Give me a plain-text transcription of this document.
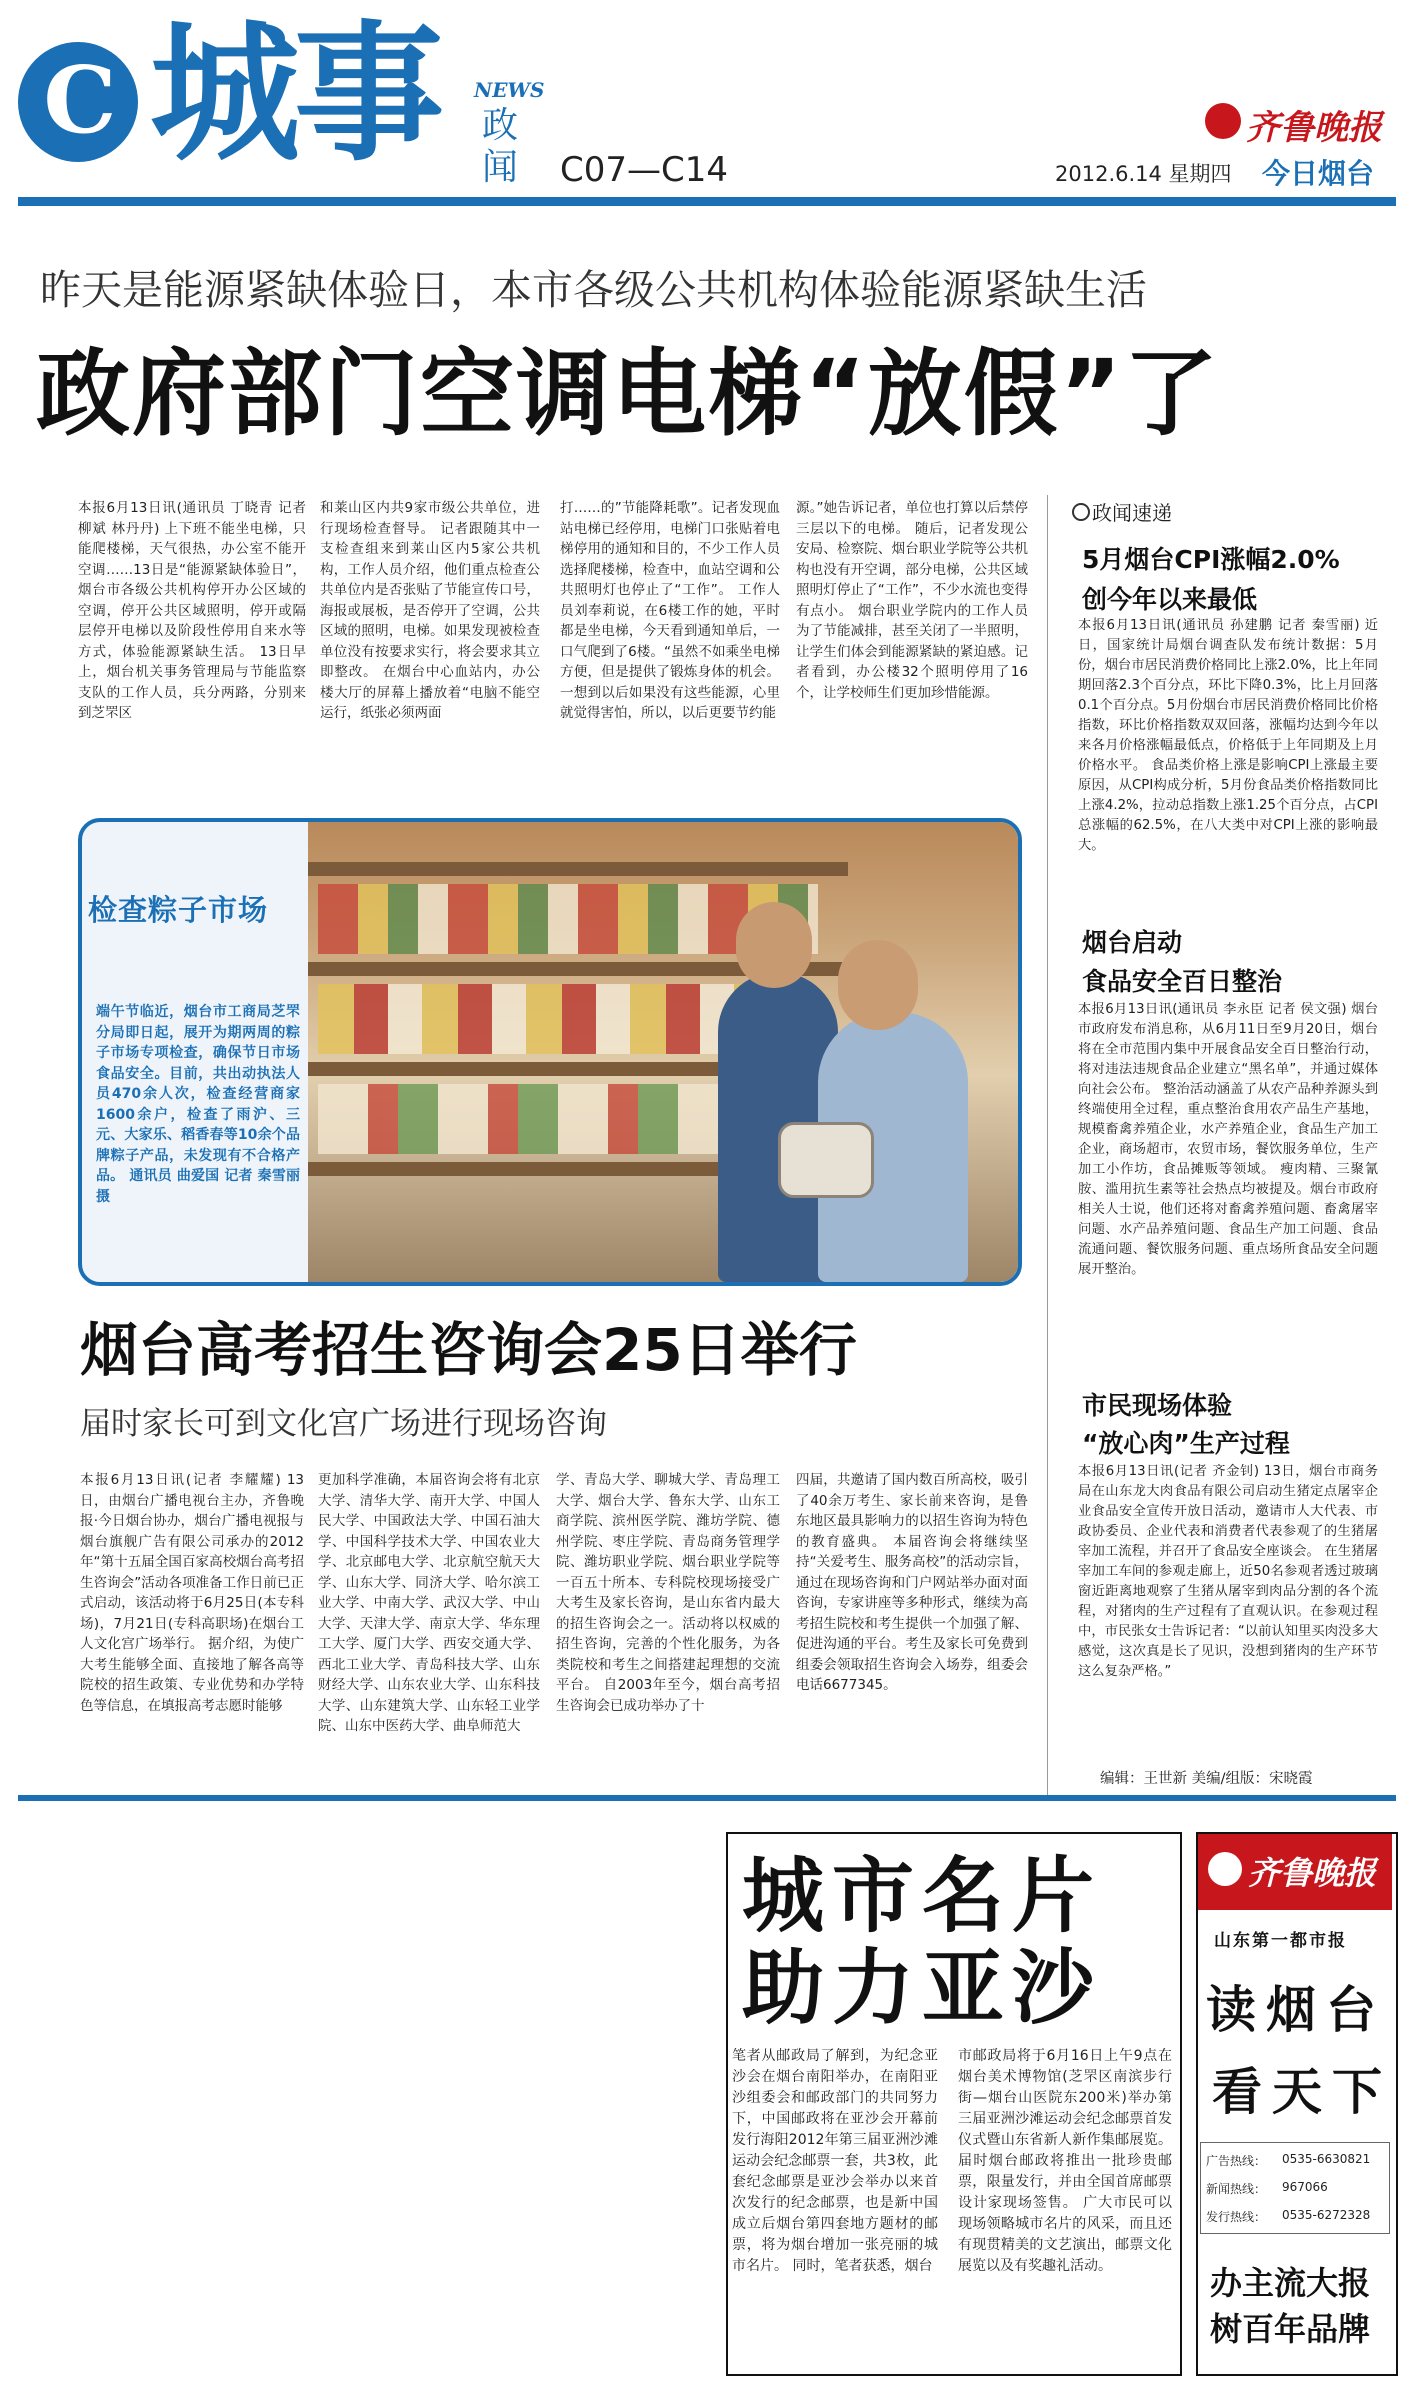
C 城事 NEWS
政
闻 C07—C14
齐鲁晚报
2012.6.14 星期四 今日烟台
昨天是能源紧缺体验日，本市各级公共机构体验能源紧缺生活
政府部门空调电梯“放假”了
本报6月13日讯(通讯员 丁晓青 记者 柳斌 林丹丹) 上下班不能坐电梯，只能爬楼梯，天气很热，办公室不能开空调……13日是“能源紧缺体验日”，烟台市各级公共机构停开办公区域的空调，停开公共区域照明，停开或隔层停开电梯以及阶段性停用自来水等方式，体验能源紧缺生活。 13日早上，烟台机关事务管理局与节能监察支队的工作人员，兵分两路，分别来到芝罘区
和莱山区内共9家市级公共单位，进行现场检查督导。 记者跟随其中一支检查组来到莱山区内5家公共机构，工作人员介绍，他们重点检查公共单位内是否张贴了节能宣传口号，海报或展板，是否停开了空调，公共区域的照明，电梯。如果发现被检查单位没有按要求实行，将会要求其立即整改。 在烟台中心血站内，办公楼大厅的屏幕上播放着“电脑不能空运行，纸张必须两面
打……的”节能降耗歌”。记者发现血站电梯已经停用，电梯门口张贴着电梯停用的通知和目的，不少工作人员选择爬楼梯，检查中，血站空调和公共照明灯也停止了“工作”。 工作人员刘奉莉说，在6楼工作的她，平时都是坐电梯，今天看到通知单后，一口气爬到了6楼。“虽然不如乘坐电梯方便，但是提供了锻炼身体的机会。一想到以后如果没有这些能源，心里就觉得害怕，所以，以后更要节约能
源。”她告诉记者，单位也打算以后禁停三层以下的电梯。 随后，记者发现公安局、检察院、烟台职业学院等公共机构也没有开空调，部分电梯，公共区域照明灯停止了“工作”，不少水流也变得有点小。 烟台职业学院内的工作人员为了节能减排，甚至关闭了一半照明，让学生们体会到能源紧缺的紧迫感。记者看到，办公楼32个照明停用了16个，让学校师生们更加珍惜能源。
检查粽子市场
端午节临近，烟台市工商局芝罘分局即日起，展开为期两周的粽子市场专项检查，确保节日市场食品安全。目前，共出动执法人员470余人次，检查经营商家1600余户，检查了雨沪、三元、大家乐、稻香春等10余个品牌粽子产品，未发现有不合格产品。 通讯员 曲爱国 记者 秦雪丽 摄
烟台高考招生咨询会25日举行
届时家长可到文化宫广场进行现场咨询
本报6月13日讯(记者 李耀耀) 13日，由烟台广播电视台主办，齐鲁晚报·今日烟台协办，烟台广播电视报与烟台旗舰广告有限公司承办的2012年“第十五届全国百家高校烟台高考招生咨询会”活动各项准备工作日前已正式启动，该活动将于6月25日(本专科场)，7月21日(专科高职场)在烟台工人文化宫广场举行。 据介绍，为使广大考生能够全面、直接地了解各高等院校的招生政策、专业优势和办学特色等信息，在填报高考志愿时能够
更加科学准确，本届咨询会将有北京大学、清华大学、南开大学、中国人民大学、中国政法大学、中国石油大学、中国科学技术大学、中国农业大学、北京邮电大学、北京航空航天大学、山东大学、同济大学、哈尔滨工业大学、中南大学、武汉大学、中山大学、天津大学、南京大学、华东理工大学、厦门大学、西安交通大学、西北工业大学、青岛科技大学、山东财经大学、山东农业大学、山东科技大学、山东建筑大学、山东轻工业学院、山东中医药大学、曲阜师范大
学、青岛大学、聊城大学、青岛理工大学、烟台大学、鲁东大学、山东工商学院、滨州医学院、潍坊学院、德州学院、枣庄学院、青岛商务管理学院、潍坊职业学院、烟台职业学院等一百五十所本、专科院校现场接受广大考生及家长咨询，是山东省内最大的招生咨询会之一。活动将以权威的招生咨询，完善的个性化服务，为各类院校和考生之间搭建起理想的交流平台。 自2003年至今，烟台高考招生咨询会已成功举办了十
四届，共邀请了国内数百所高校，吸引了40余万考生、家长前来咨询，是鲁东地区最具影响力的以招生咨询为特色的教育盛典。 本届咨询会将继续坚持“关爱考生、服务高校”的活动宗旨，通过在现场咨询和门户网站举办面对面咨询，专家讲座等多种形式，继续为高考招生院校和考生提供一个加强了解、促进沟通的平台。考生及家长可免费到组委会领取招生咨询会入场券，组委会电话6677345。
政闻速递
5月烟台CPI涨幅2.0%
创今年以来最低
本报6月13日讯(通讯员 孙建鹏 记者 秦雪丽) 近日，国家统计局烟台调查队发布统计数据：5月份，烟台市居民消费价格同比上涨2.0%，比上年同期回落2.3个百分点，环比下降0.3%，比上月回落0.1个百分点。5月份烟台市居民消费价格同比价格指数，环比价格指数双双回落，涨幅均达到今年以来各月价格涨幅最低点，价格低于上年同期及上月价格水平。 食品类价格上涨是影响CPI上涨最主要原因，从CPI构成分析，5月份食品类价格指数同比上涨4.2%，拉动总指数上涨1.25个百分点，占CPI总涨幅的62.5%，在八大类中对CPI上涨的影响最大。
烟台启动
食品安全百日整治
本报6月13日讯(通讯员 李永臣 记者 侯文强) 烟台市政府发布消息称，从6月11日至9月20日，烟台将在全市范围内集中开展食品安全百日整治行动，将对违法违规食品企业建立“黑名单”，并通过媒体向社会公布。 整治活动涵盖了从农产品种养源头到终端使用全过程，重点整治食用农产品生产基地，规模畜禽养殖企业，水产养殖企业，食品生产加工企业，商场超市，农贸市场，餐饮服务单位，生产加工小作坊，食品摊贩等领域。 瘦肉精、三聚氰胺、滥用抗生素等社会热点均被提及。烟台市政府相关人士说，他们还将对畜禽养殖问题、畜禽屠宰问题、水产品养殖问题、食品生产加工问题、食品流通问题、餐饮服务问题、重点场所食品安全问题展开整治。
市民现场体验
“放心肉”生产过程
本报6月13日讯(记者 齐金钊) 13日，烟台市商务局在山东龙大肉食品有限公司启动生猪定点屠宰企业食品安全宣传开放日活动，邀请市人大代表、市政协委员、企业代表和消费者代表参观了的生猪屠宰加工流程，并召开了食品安全座谈会。 在生猪屠宰加工车间的参观走廊上，近50名参观者透过玻璃窗近距离地观察了生猪从屠宰到肉品分割的各个流程，对猪肉的生产过程有了直观认识。在参观过程中，市民张女士告诉记者：“以前认知里买肉没多大感觉，这次真是长了见识，没想到猪肉的生产环节这么复杂严格。”
编辑：王世新 美编/组版：宋晓霞
城市名片
助力亚沙
笔者从邮政局了解到，为纪念亚沙会在烟台南阳举办，在南阳亚沙组委会和邮政部门的共同努力下，中国邮政将在亚沙会开幕前发行海阳2012年第三届亚洲沙滩运动会纪念邮票一套，共3枚，此套纪念邮票是亚沙会举办以来首次发行的纪念邮票，也是新中国成立后烟台第四套地方题材的邮票，将为烟台增加一张亮丽的城市名片。 同时，笔者获悉，烟台
市邮政局将于6月16日上午9点在烟台美术博物馆(芝罘区南滨步行街—烟台山医院东200米)举办第三届亚洲沙滩运动会纪念邮票首发仪式暨山东省新人新作集邮展览。届时烟台邮政将推出一批珍贵邮票，限量发行，并由全国首席邮票设计家现场签售。 广大市民可以现场领略城市名片的风采，而且还有现贯精美的文艺演出，邮票文化展览以及有奖趣礼活动。
齐鲁晚报
山东第一都市报
读烟台
看天下
广告热线： 0535-6630821
新闻热线： 967066
发行热线： 0535-6272328
办主流大报
树百年品牌
